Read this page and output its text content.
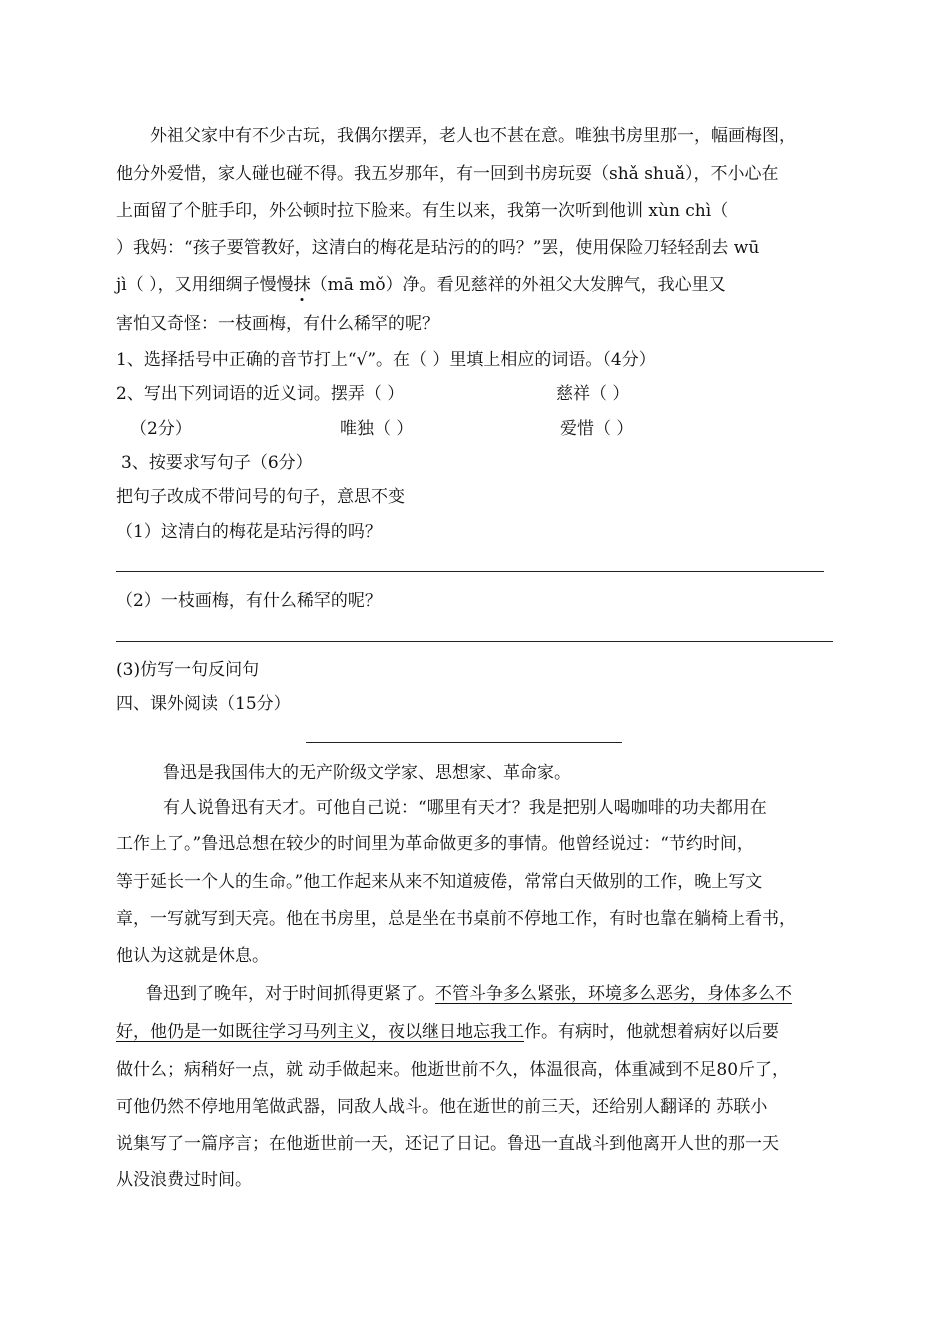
外祖父家中有不少古玩，我偶尔摆弄，老人也不甚在意。唯独书房里那一，幅画梅图，
他分外爱惜，家人碰也碰不得。我五岁那年，有一回到书房玩耍（shǎ shuǎ），不小心在
上面留了个脏手印，外公顿时拉下脸来。有生以来，我第一次听到他训 xùn chì（
）我妈：“孩子要管教好，这清白的梅花是玷污的的吗？”罢，使用保险刀轻轻刮去 wū
jì（ ），又用细绸子慢慢抹（mā mǒ）净。看见慈祥的外祖父大发脾气，我心里又
害怕又奇怪：一枝画梅，有什么稀罕的呢？
1、选择括号中正确的音节打上“√”。在（ ）里填上相应的词语。（4分）
2、写出下列词语的近义词。摆弄（ ）	慈祥（ ）
（2分）	唯独（ ）	爱惜（ ）
3、按要求写句子（6分）
把句子改成不带问号的句子，意思不变
（1）这清白的梅花是玷污得的吗？
（2）一枝画梅，有什么稀罕的呢？
(3)仿写一句反问句
四、课外阅读（15分）
鲁迅是我国伟大的无产阶级文学家、思想家、革命家。
有人说鲁迅有天才。可他自己说：“哪里有天才？我是把别人喝咖啡的功夫都用在
工作上了。”鲁迅总想在较少的时间里为革命做更多的事情。他曾经说过：“节约时间，
等于延长一个人的生命。”他工作起来从来不知道疲倦，常常白天做别的工作，晚上写文
章，一写就写到天亮。他在书房里，总是坐在书桌前不停地工作，有时也靠在躺椅上看书，
他认为这就是休息。
鲁迅到了晚年，对于时间抓得更紧了。不管斗争多么紧张，环境多么恶劣，身体多么不
好，他仍是一如既往学习马列主义，夜以继日地忘我工作。有病时，他就想着病好以后要
做什么；病稍好一点，就 动手做起来。他逝世前不久，体温很高，体重减到不足80斤了，
可他仍然不停地用笔做武器，同敌人战斗。他在逝世的前三天，还给别人翻译的 苏联小
说集写了一篇序言；在他逝世前一天，还记了日记。鲁迅一直战斗到他离开人世的那一天
从没浪费过时间。
